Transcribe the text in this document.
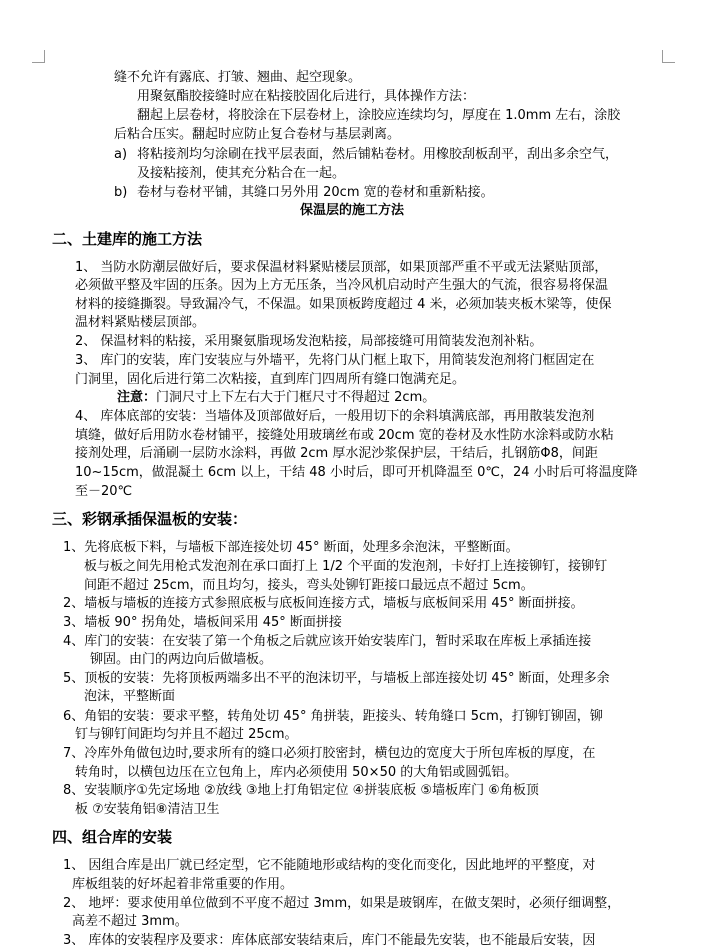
缝不允许有露底、打皱、翘曲、起空现象。
用聚氨酯胶接缝时应在粘接胶固化后进行，具体操作方法：
翻起上层卷材，将胶涂在下层卷材上，涂胶应连续均匀，厚度在 1.0mm 左右，涂胶
后粘合压实。翻起时应防止复合卷材与基层剥离。
a) 将粘接剂均匀涂刷在找平层表面，然后铺粘卷材。用橡胶刮板刮平，刮出多余空气，
及接粘接剂，使其充分粘合在一起。
b) 卷材与卷材平铺，其缝口另外用 20cm 宽的卷材和重新粘接。
保温层的施工方法
二、土建库的施工方法
1、 当防水防潮层做好后，要求保温材料紧贴楼层顶部，如果顶部严重不平或无法紧贴顶部，
必须做平整及牢固的压条。因为上方无压条，当冷风机启动时产生强大的气流，很容易将保温
材料的接缝撕裂。导致漏冷气，不保温。如果顶板跨度超过 4 米，必须加装夹板木梁等，使保
温材料紧贴楼层顶部。
2、 保温材料的粘接，采用聚氨脂现场发泡粘接，局部接缝可用简装发泡剂补粘。
3、 库门的安装，库门安装应与外墙平，先将门从门框上取下，用简装发泡剂将门框固定在
门洞里，固化后进行第二次粘接，直到库门四周所有缝口饱满充足。
注意：门洞尺寸上下左右大于门框尺寸不得超过 2cm。
4、 库体底部的安装：当墙体及顶部做好后，一般用切下的余料填满底部，再用散装发泡剂
填缝，做好后用防水卷材铺平，接缝处用玻璃丝布或 20cm 宽的卷材及水性防水涂料或防水粘
接剂处理，后涌刷一层防水涂料，再做 2cm 厚水泥沙浆保护层，干结后，扎钢筋Φ8，间距
10~15cm，做混凝土 6cm 以上，干结 48 小时后，即可开机降温至 0℃，24 小时后可将温度降
至－20℃
三、彩钢承插保温板的安装：
1、先将底板下料，与墙板下部连接处切 45° 断面，处理多余泡沫，平整断面。
板与板之间先用枪式发泡剂在承口面打上 1/2 个平面的发泡剂，卡好打上连接铆钉，接铆钉
间距不超过 25cm，而且均匀，接头，弯头处铆钉距接口最远点不超过 5cm。
2、墙板与墙板的连接方式参照底板与底板间连接方式，墙板与底板间采用 45° 断面拼接。
3、墙板 90° 拐角处，墙板间采用 45° 断面拼接
4、库门的安装：在安装了第一个角板之后就应该开始安装库门，暂时采取在库板上承插连接
铆固。由门的两边向后做墙板。
5、顶板的安装：先将顶板两端多出不平的泡沫切平，与墙板上部连接处切 45° 断面，处理多余
泡沫，平整断面
6、角铝的安装：要求平整，转角处切 45° 角拼装，距接头、转角缝口 5cm，打铆钉铆固，铆
钉与铆钉间距均匀并且不超过 25cm。
7、冷库外角做包边时,要求所有的缝口必须打胶密封，横包边的宽度大于所包库板的厚度，在
转角时，以横包边压在立包角上，库内必须使用 50×50 的大角铝或圆弧铝。
8、安装顺序①先定场地 ②放线 ③地上打角铝定位 ④拼装底板 ⑤墙板库门 ⑥角板顶
板 ⑦安装角铝⑧清洁卫生
四、组合库的安装
1、 因组合库是出厂就已经定型，它不能随地形或结构的变化而变化，因此地坪的平整度，对
库板组装的好坏起着非常重要的作用。
2、 地坪：要求使用单位做到不平度不超过 3mm，如果是玻钢库，在做支架时，必须仔细调整，
高差不超过 3mm。
3、 库体的安装程序及要求：库体底部安装结束后，库门不能最先安装，也不能最后安装，因
